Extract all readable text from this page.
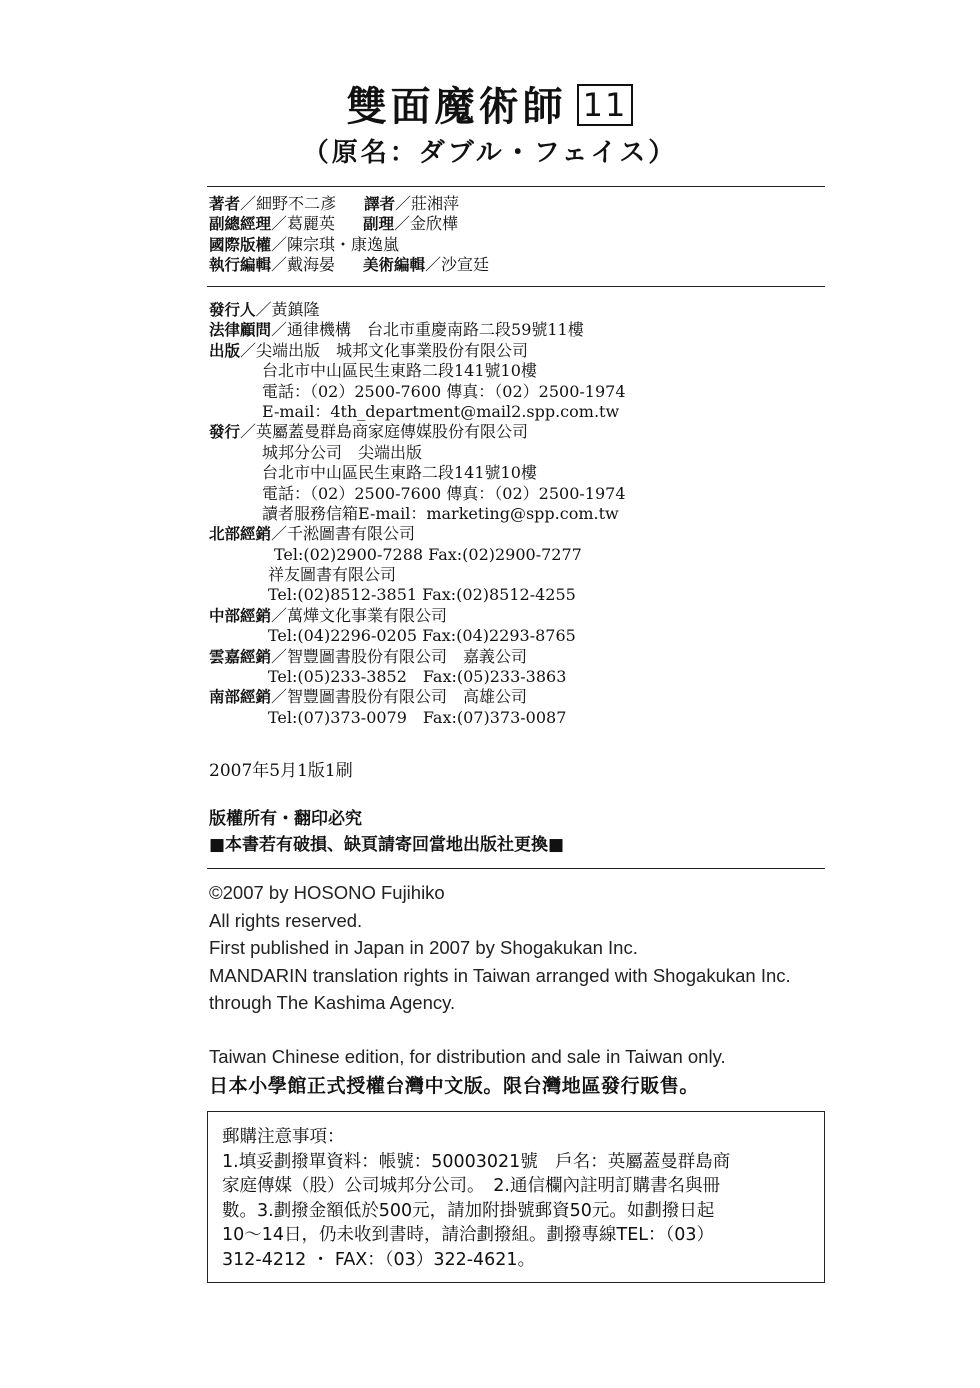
雙面魔術師 11
（原名：ダブル・フェイス）
著者／細野不二彥 譯者／莊湘萍
副總經理／葛麗英 副理／金欣樺
國際版權／陳宗琪・康逸嵐
執行編輯／戴海晏 美術編輯／沙宣廷
發行人／黃鎮隆
法律顧問／通律機構　台北市重慶南路二段59號11樓
出版／尖端出版　城邦文化事業股份有限公司
台北市中山區民生東路二段141號10樓
電話：（02）2500-7600 傳真：（02）2500-1974
E-mail：4th_department@mail2.spp.com.tw
發行／英屬蓋曼群島商家庭傳媒股份有限公司
城邦分公司　尖端出版
台北市中山區民生東路二段141號10樓
電話：（02）2500-7600 傳真：（02）2500-1974
讀者服務信箱E-mail：marketing@spp.com.tw
北部經銷／千淞圖書有限公司
Tel:(02)2900-7288 Fax:(02)2900-7277
祥友圖書有限公司
Tel:(02)8512-3851 Fax:(02)8512-4255
中部經銷／萬燁文化事業有限公司
Tel:(04)2296-0205 Fax:(04)2293-8765
雲嘉經銷／智豐圖書股份有限公司　嘉義公司
Tel:(05)233-3852　Fax:(05)233-3863
南部經銷／智豐圖書股份有限公司　高雄公司
Tel:(07)373-0079　Fax:(07)373-0087
2007年5月1版1刷
版權所有・翻印必究
■本書若有破損、缺頁請寄回當地出版社更換■
©2007 by HOSONO Fujihiko
All rights reserved.
First published in Japan in 2007 by Shogakukan Inc.
MANDARIN translation rights in Taiwan arranged with Shogakukan Inc.
through The Kashima Agency.
Taiwan Chinese edition, for distribution and sale in Taiwan only.
日本小學館正式授權台灣中文版。限台灣地區發行販售。
郵購注意事項：
1.填妥劃撥單資料：帳號：50003021號　戶名：英屬蓋曼群島商
家庭傳媒（股）公司城邦分公司。　2.通信欄內註明訂購書名與冊
數。3.劃撥金額低於500元，請加附掛號郵資50元。如劃撥日起
10～14日，仍未收到書時，請洽劃撥組。劃撥專線TEL：（03）
312-4212 ・ FAX：（03）322-4621。
